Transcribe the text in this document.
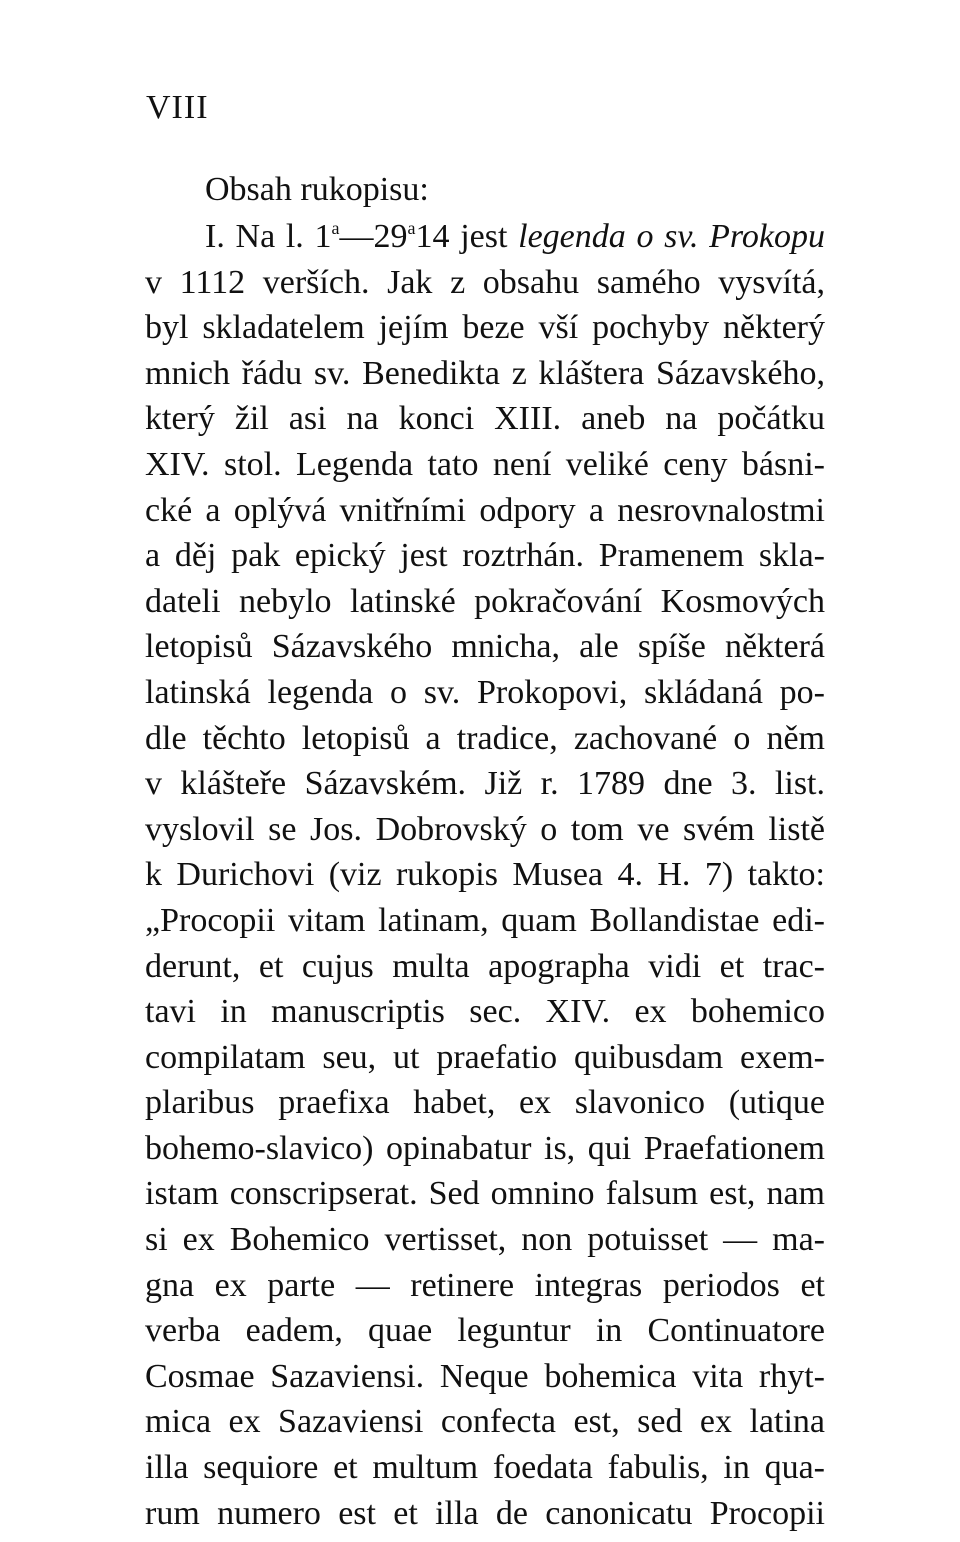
VIII
Obsah rukopisu:
I. Na l. 1$^a$—29$^a$14 jest legenda o sv. Prokopu
v 1112 verších. Jak z obsahu samého vysvítá,
byl skladatelem jejím beze vší pochyby některý
mnich řádu sv. Benedikta z kláštera Sázavského,
který žil asi na konci XIII. aneb na počátku
XIV. stol. Legenda tato není veliké ceny básni-
cké a oplývá vnitřními odpory a nesrovnalostmi
a děj pak epický jest roztrhán. Pramenem skla-
dateli nebylo latinské pokračování Kosmových
letopisů Sázavského mnicha, ale spíše některá
latinská legenda o sv. Prokopovi, skládaná po-
dle těchto letopisů a tradice, zachované o něm
v klášteře Sázavském. Již r. 1789 dne 3. list.
vyslovil se Jos. Dobrovský o tom ve svém listě
k Durichovi (viz rukopis Musea 4. H. 7) takto:
„Procopii vitam latinam, quam Bollandistae edi-
derunt, et cujus multa apographa vidi et trac-
tavi in manuscriptis sec. XIV. ex bohemico
compilatam seu, ut praefatio quibusdam exem-
plaribus praefixa habet, ex slavonico (utique
bohemo-slavico) opinabatur is, qui Praefationem
istam conscripserat. Sed omnino falsum est, nam
si ex Bohemico vertisset, non potuisset — ma-
gna ex parte — retinere integras periodos et
verba eadem, quae leguntur in Continuatore
Cosmae Sazaviensi. Neque bohemica vita rhyt-
mica ex Sazaviensi confecta est, sed ex latina
illa sequiore et multum foedata fabulis, in qua-
rum numero est et illa de canonicatu Procopii
